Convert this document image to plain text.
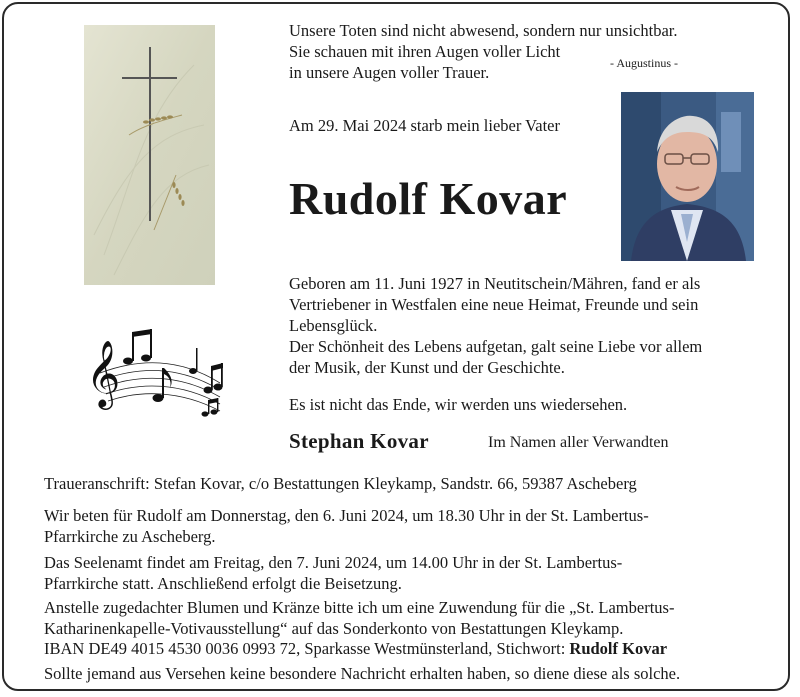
Unsere Toten sind nicht abwesend, sondern nur unsichtbar.
Sie schauen mit ihren Augen voller Licht
in unsere Augen voller Trauer.	- Augustinus -
Am 29. Mai 2024 starb mein lieber Vater
Rudolf Kovar
Geboren am 11. Juni 1927 in Neutitschein/Mähren, fand er als
Vertriebener in Westfalen eine neue Heimat, Freunde und sein
Lebensglück.
Der Schönheit des Lebens aufgetan, galt seine Liebe vor allem
der Musik, der Kunst und der Geschichte.
𝄞	Es ist nicht das Ende, wir werden uns wiedersehen.
Stephan Kovar	Im Namen aller Verwandten
Traueranschrift: Stefan Kovar, c/o Bestattungen Kleykamp, Sandstr. 66, 59387 Ascheberg
Wir beten für Rudolf am Donnerstag, den 6. Juni 2024, um 18.30 Uhr in der St. Lambertus-
Pfarrkirche zu Ascheberg.
Das Seelenamt findet am Freitag, den 7. Juni 2024, um 14.00 Uhr in der St. Lambertus-
Pfarrkirche statt. Anschließend erfolgt die Beisetzung.
Anstelle zugedachter Blumen und Kränze bitte ich um eine Zuwendung für die „St. Lambertus-
Katharinenkapelle-Votivausstellung“ auf das Sonderkonto von Bestattungen Kleykamp.
IBAN DE49 4015 4530 0036 0993 72, Sparkasse Westmünsterland, Stichwort: Rudolf Kovar
Sollte jemand aus Versehen keine besondere Nachricht erhalten haben, so diene diese als solche.
